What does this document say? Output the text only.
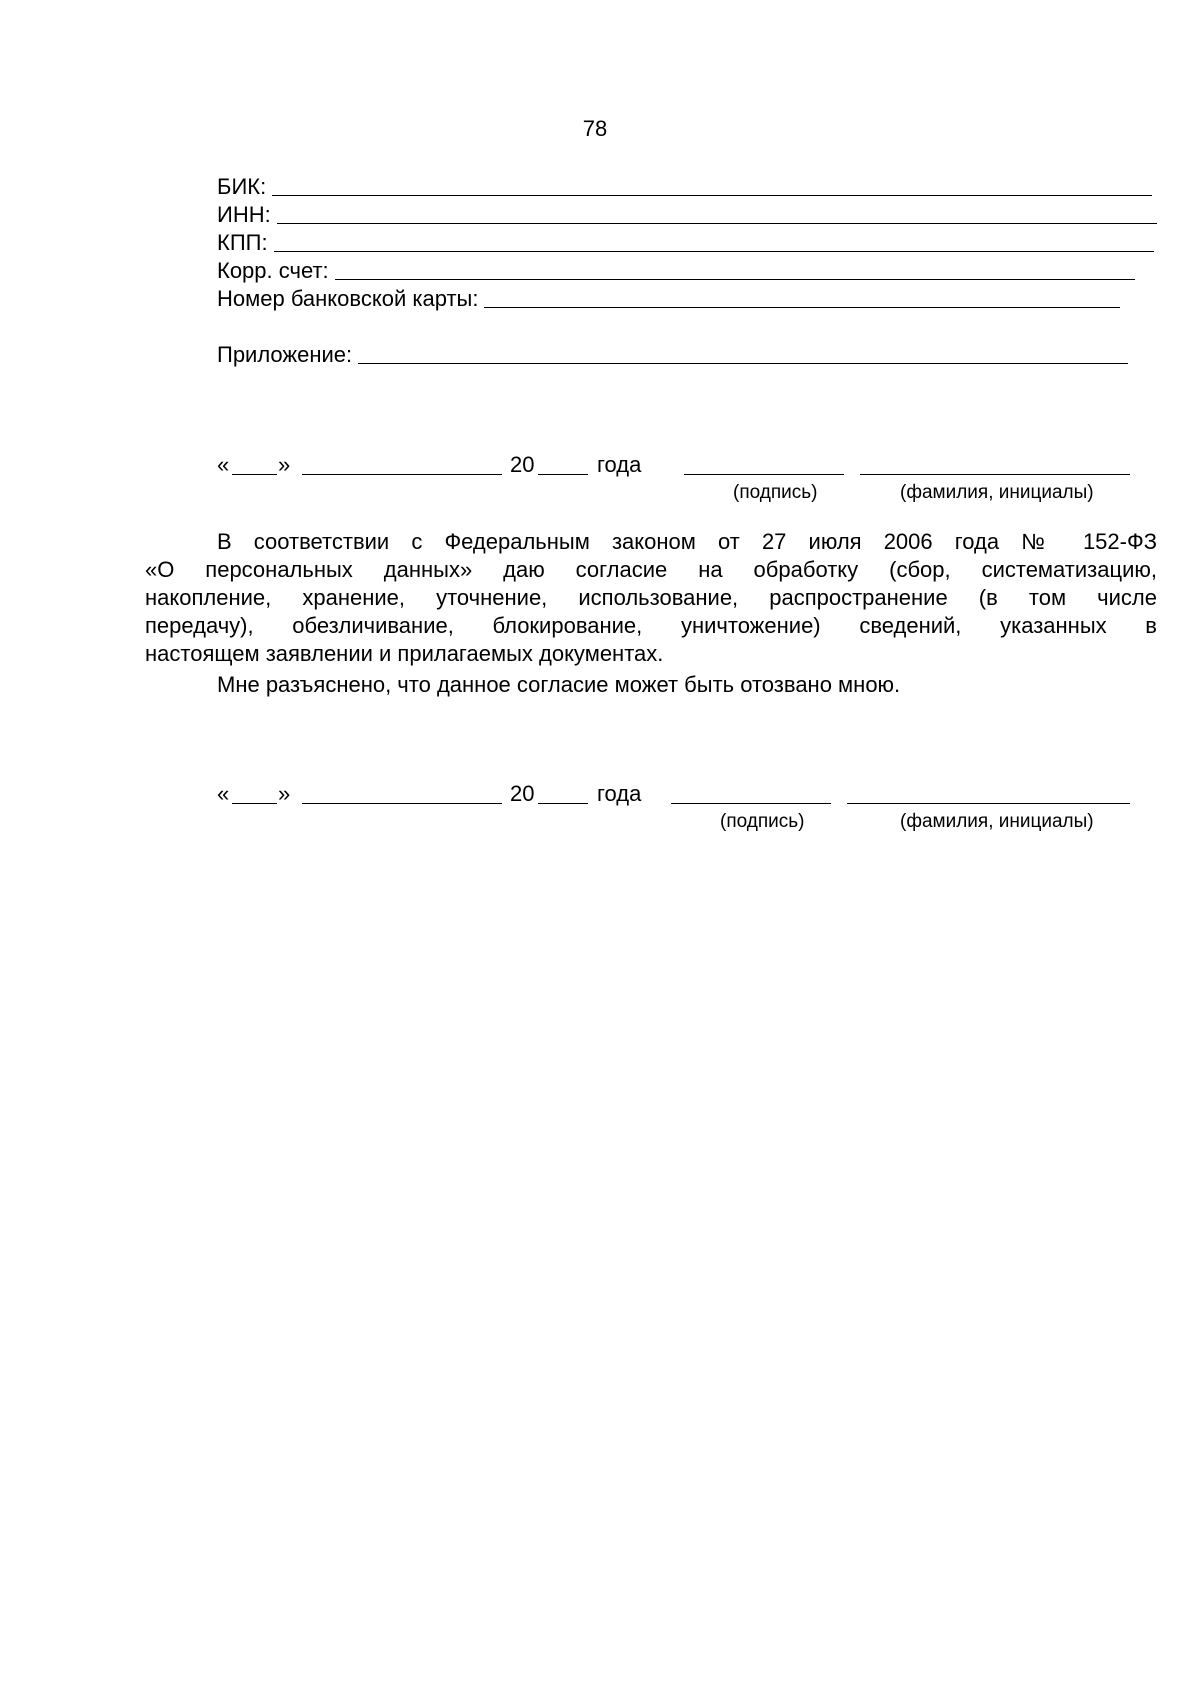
78
БИК:
ИНН:
КПП:
Корр. счет:
Номер банковской карты:
Приложение:
« »	20	года
(подпись)	(фамилия, инициалы)

В соответствии с Федеральным законом от 27 июля 2006 года № 152-ФЗ

«О персональных данных» даю согласие на обработку (сбор, систематизацию,

накопление, хранение, уточнение, использование, распространение (в том числе

передачу), обезличивание, блокирование, уничтожение) сведений, указанных в

настоящем заявлении и прилагаемых документах.

Мне разъяснено, что данное согласие может быть отозвано мною.
« »	20	года
(подпись)	(фамилия, инициалы)
